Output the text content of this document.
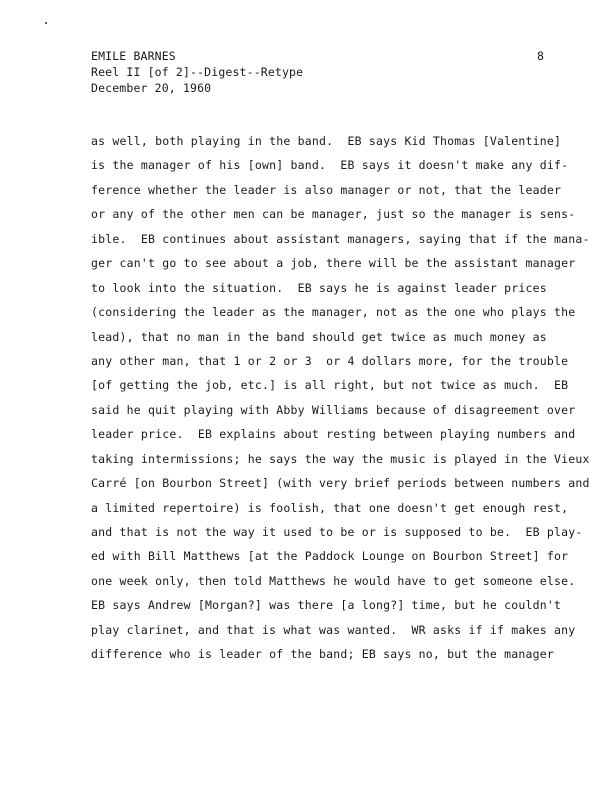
EMILE BARNES
Reel II [of 2]--Digest--Retype
December 20, 1960
8
as well, both playing in the band.  EB says Kid Thomas [Valentine]
is the manager of his [own] band.  EB says it doesn't make any dif-
ference whether the leader is also manager or not, that the leader
or any of the other men can be manager, just so the manager is sens-
ible.  EB continues about assistant managers, saying that if the mana-
ger can't go to see about a job, there will be the assistant manager
to look into the situation.  EB says he is against leader prices
(considering the leader as the manager, not as the one who plays the
lead), that no man in the band should get twice as much money as
any other man, that 1 or 2 or 3  or 4 dollars more, for the trouble
[of getting the job, etc.] is all right, but not twice as much.  EB
said he quit playing with Abby Williams because of disagreement over
leader price.  EB explains about resting between playing numbers and
taking intermissions; he says the way the music is played in the Vieux
Carré [on Bourbon Street] (with very brief periods between numbers and
a limited repertoire) is foolish, that one doesn't get enough rest,
and that is not the way it used to be or is supposed to be.  EB play-
ed with Bill Matthews [at the Paddock Lounge on Bourbon Street] for
one week only, then told Matthews he would have to get someone else.
EB says Andrew [Morgan?] was there [a long?] time, but he couldn't
play clarinet, and that is what was wanted.  WR asks if if makes any
difference who is leader of the band; EB says no, but the manager
